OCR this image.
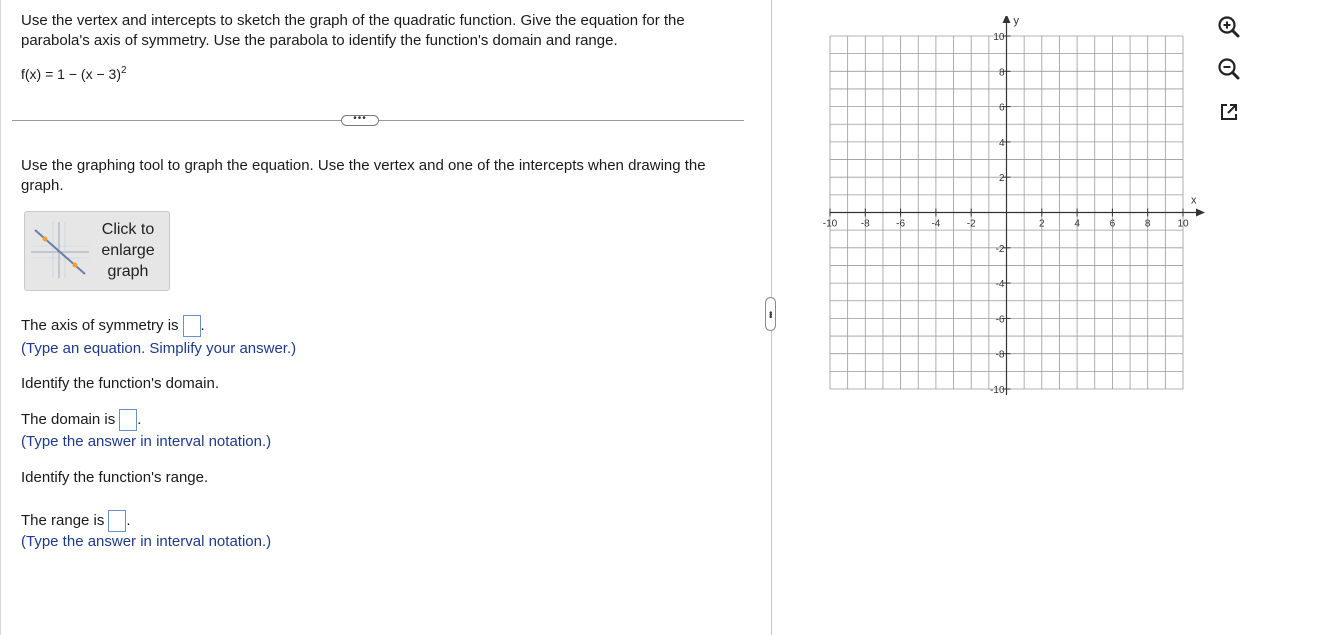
Use the vertex and intercepts to sketch the graph of the quadratic function. Give the equation for the parabola's axis of symmetry. Use the parabola to identify the function's domain and range.
$f(x) = 1 - (x - 3)^2$
•••
Use the graphing tool to graph the equation. Use the vertex and one of the intercepts when drawing the graph.
Click to enlarge graph
The axis of symmetry is .
(Type an equation. Simplify your answer.)
Identify the function's domain.
The domain is .
(Type the answer in interval notation.)
Identify the function's range.
The range is .
(Type the answer in interval notation.)
•••
x
y
-10 -8	-6	-4	-2	2	4	6	8	10
10
8
6
4
2
-2
-4
-6
-8
-10
